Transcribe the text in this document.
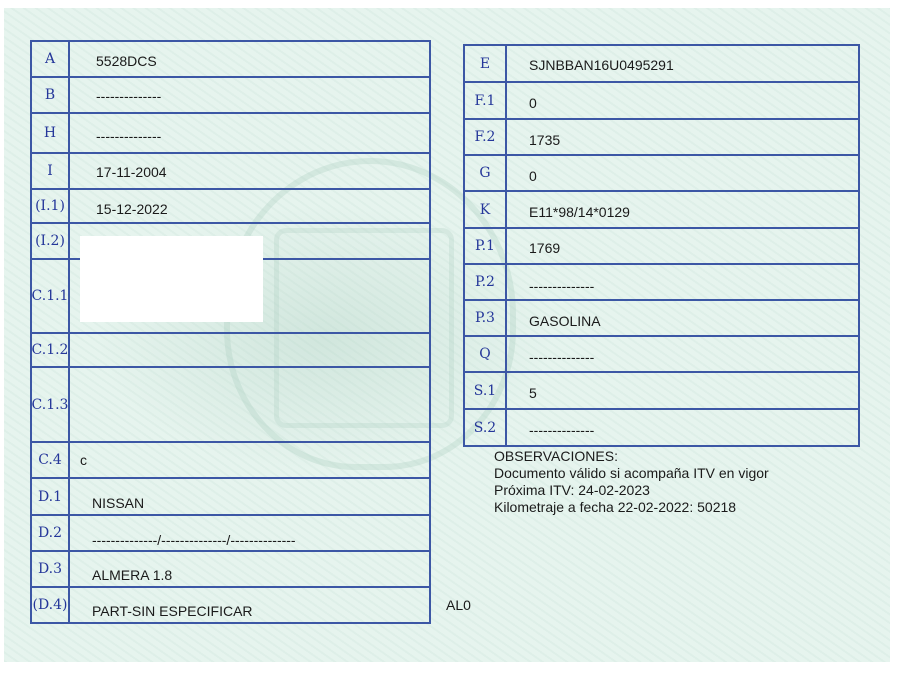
A	5528DCS
B	--------------
H	--------------
I	17-11-2004
(I.1)	15-12-2022
(I.2)
C.1.1
C.1.2
C.1.3
C.4	c
D.1	NISSAN
D.2	--------------/--------------/--------------
D.3	ALMERA 1.8
(D.4) PART-SIN ESPECIFICAR
E	SJNBBAN16U0495291
F.1	0
F.2	1735
G	0
K	E11*98/14*0129
P.1	1769
P.2	--------------
P.3	GASOLINA
Q	--------------
S.1	5
S.2	--------------
OBSERVACIONES:
Documento válido si acompaña ITV en vigor
Próxima ITV: 24-02-2023
Kilometraje a fecha 22-02-2022: 50218
AL0
